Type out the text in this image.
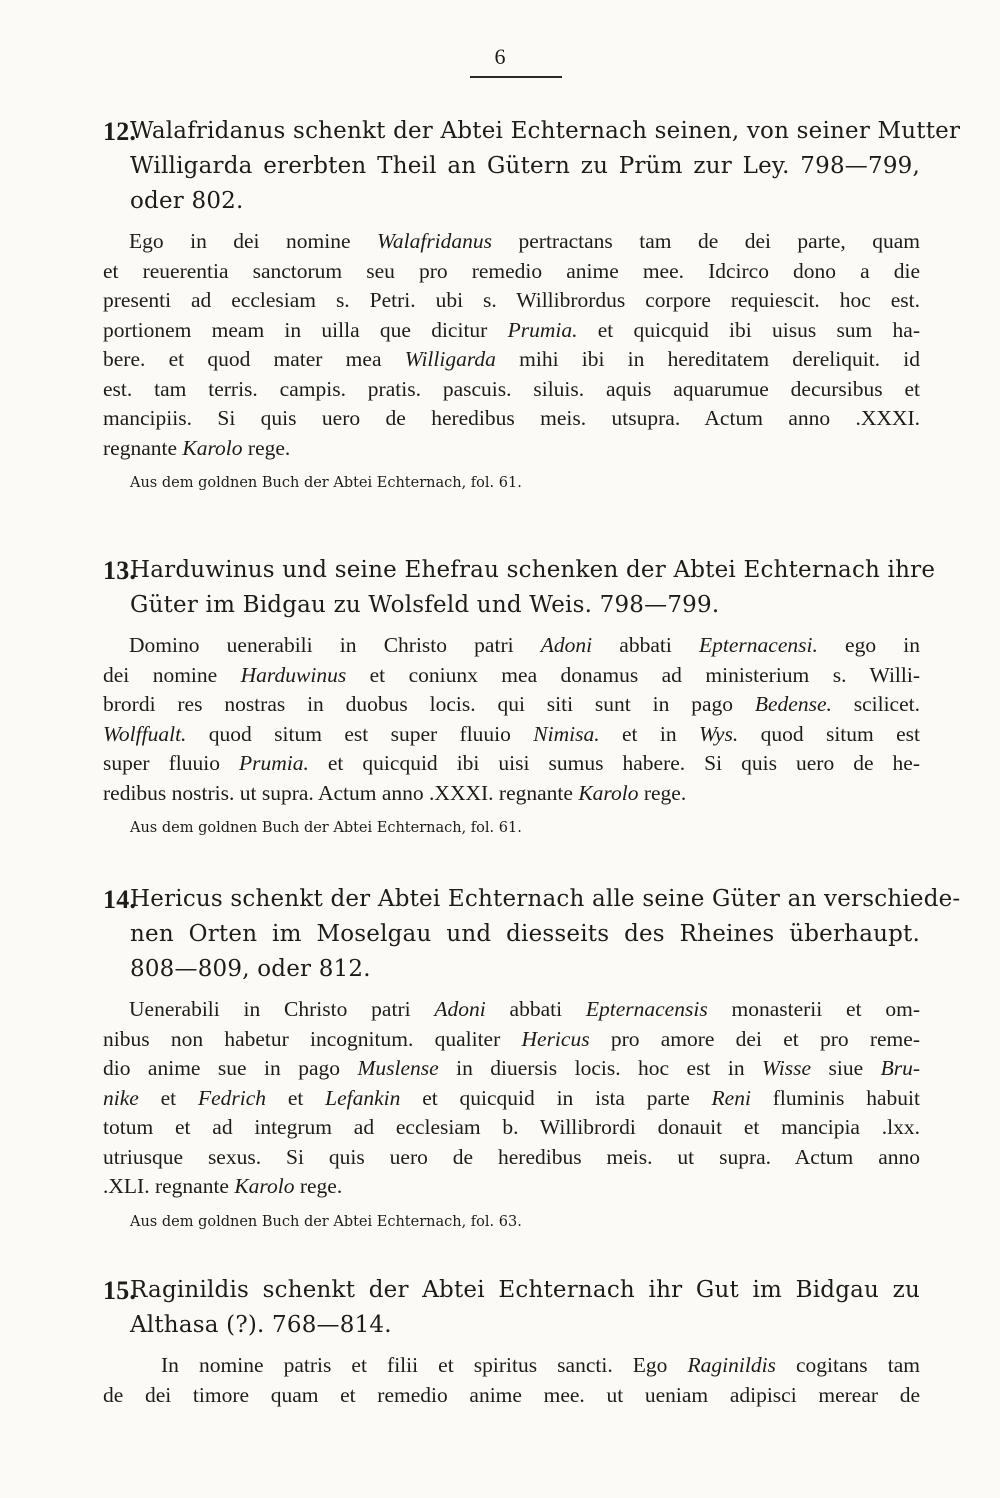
6
12.
Walafridanus schenkt der Abtei Echternach seinen, von seiner Mutter
Willigarda ererbten Theil an Gütern zu Prüm zur Ley. 798—799,
oder 802.
Ego in dei nomine Walafridanus pertractans tam de dei parte, quam
et reuerentia sanctorum seu pro remedio anime mee. Idcirco dono a die
presenti ad ecclesiam s. Petri. ubi s. Willibrordus corpore requiescit. hoc est.
portionem meam in uilla que dicitur Prumia. et quicquid ibi uisus sum ha-
bere. et quod mater mea Willigarda mihi ibi in hereditatem dereliquit. id
est. tam terris. campis. pratis. pascuis. siluis. aquis aquarumue decursibus et
mancipiis. Si quis uero de heredibus meis. utsupra. Actum anno .XXXI.
regnante Karolo rege.
Aus dem goldnen Buch der Abtei Echternach, fol. 61.
13.
Harduwinus und seine Ehefrau schenken der Abtei Echternach ihre
Güter im Bidgau zu Wolsfeld und Weis. 798—799.
Domino uenerabili in Christo patri Adoni abbati Epternacensi. ego in
dei nomine Harduwinus et coniunx mea donamus ad ministerium s. Willi-
brordi res nostras in duobus locis. qui siti sunt in pago Bedense. scilicet.
Wolffualt. quod situm est super fluuio Nimisa. et in Wys. quod situm est
super fluuio Prumia. et quicquid ibi uisi sumus habere. Si quis uero de he-
redibus nostris. ut supra. Actum anno .XXXI. regnante Karolo rege.
Aus dem goldnen Buch der Abtei Echternach, fol. 61.
14.
Hericus schenkt der Abtei Echternach alle seine Güter an verschiede-
nen Orten im Moselgau und diesseits des Rheines überhaupt.
808—809, oder 812.
Uenerabili in Christo patri Adoni abbati Epternacensis monasterii et om-
nibus non habetur incognitum. qualiter Hericus pro amore dei et pro reme-
dio anime sue in pago Muslense in diuersis locis. hoc est in Wisse siue Bru-
nike et Fedrich et Lefankin et quicquid in ista parte Reni fluminis habuit
totum et ad integrum ad ecclesiam b. Willibrordi donauit et mancipia .lxx.
utriusque sexus. Si quis uero de heredibus meis. ut supra. Actum anno
.XLI. regnante Karolo rege.
Aus dem goldnen Buch der Abtei Echternach, fol. 63.
15.
Raginildis schenkt der Abtei Echternach ihr Gut im Bidgau zu
Althasa (?). 768—814.
In nomine patris et filii et spiritus sancti. Ego Raginildis cogitans tam
de dei timore quam et remedio anime mee. ut ueniam adipisci merear de
